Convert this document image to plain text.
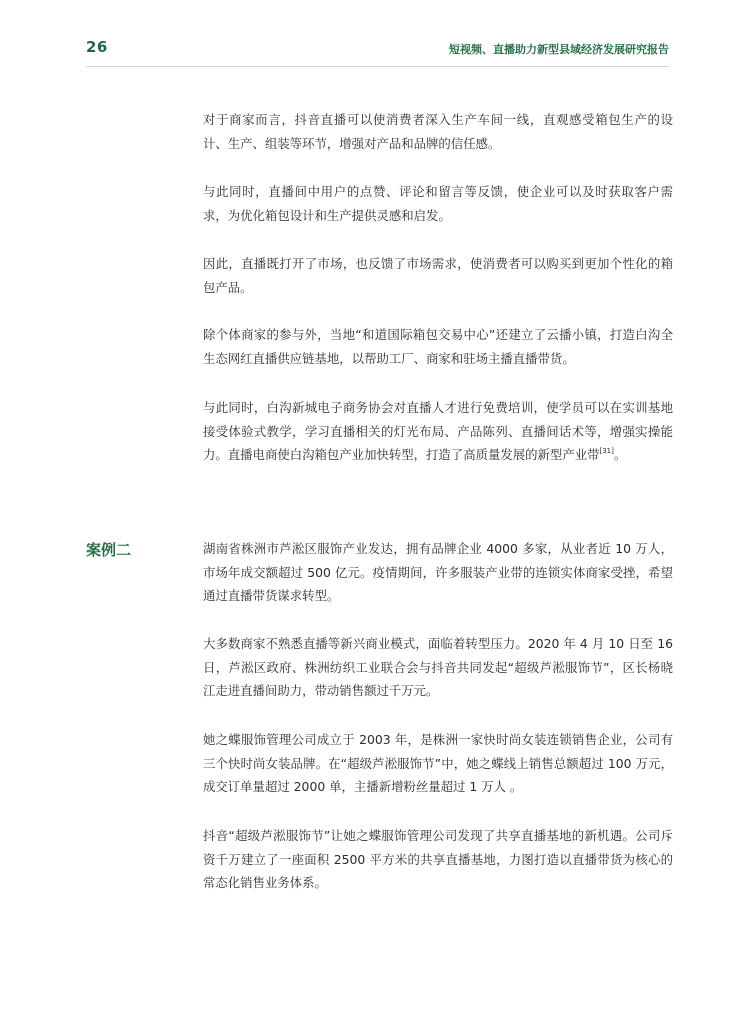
26	短视频、直播助力新型县域经济发展研究报告

对于商家而言，抖音直播可以使消费者深入生产车间一线，直观感受箱包生产的设计、生产、组装等环节，增强对产品和品牌的信任感。

与此同时，直播间中用户的点赞、评论和留言等反馈，使企业可以及时获取客户需求，为优化箱包设计和生产提供灵感和启发。

因此，直播既打开了市场，也反馈了市场需求，使消费者可以购买到更加个性化的箱包产品。

除个体商家的参与外，当地“和道国际箱包交易中心”还建立了云播小镇，打造白沟全生态网红直播供应链基地，以帮助工厂、商家和驻场主播直播带货。

与此同时，白沟新城电子商务协会对直播人才进行免费培训，使学员可以在实训基地接受体验式教学，学习直播相关的灯光布局、产品陈列、直播间话术等，增强实操能力。直播电商使白沟箱包产业加快转型，打造了高质量发展的新型产业带[31]。

案例二	湖南省株洲市芦淞区服饰产业发达，拥有品牌企业 4000 多家，从业者近 10 万人，市场年成交额超过 500 亿元。疫情期间，许多服装产业带的连锁实体商家受挫，希望通过直播带货谋求转型。

大多数商家不熟悉直播等新兴商业模式，面临着转型压力。2020 年 4 月 10 日至 16 日，芦淞区政府、株洲纺织工业联合会与抖音共同发起“超级芦淞服饰节”，区长杨晓江走进直播间助力，带动销售额过千万元。

她之蝶服饰管理公司成立于 2003 年，是株洲一家快时尚女装连锁销售企业，公司有三个快时尚女装品牌。在“超级芦淞服饰节”中，她之蝶线上销售总额超过 100 万元，成交订单量超过 2000 单，主播新增粉丝量超过 1 万人 。

抖音“超级芦淞服饰节”让她之蝶服饰管理公司发现了共享直播基地的新机遇。公司斥资千万建立了一座面积 2500 平方米的共享直播基地，力图打造以直播带货为核心的常态化销售业务体系。
